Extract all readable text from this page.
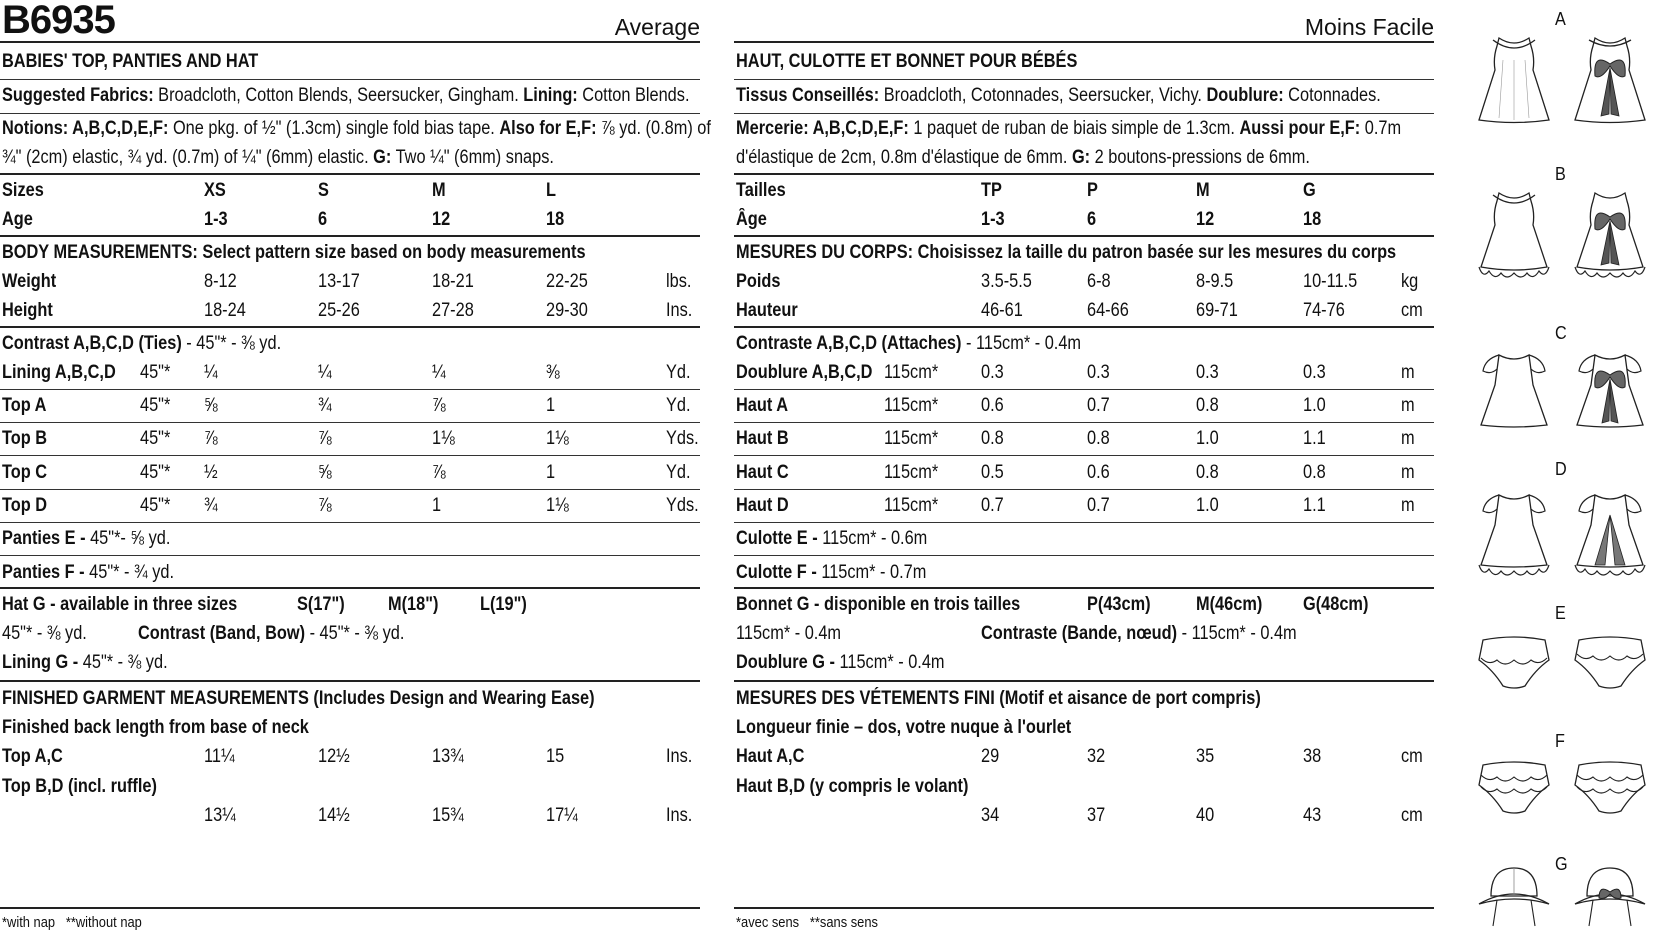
B6935	Average
BABIES' TOP, PANTIES AND HAT
Suggested Fabrics: Broadcloth, Cotton Blends, Seersucker, Gingham. Lining: Cotton Blends.
Notions: A,B,C,D,E,F: One pkg. of ½" (1.3cm) single fold bias tape. Also for E,F: ⅞ yd. (0.8m) of
¾" (2cm) elastic, ¾ yd. (0.7m) of ¼" (6mm) elastic. G: Two ¼" (6mm) snaps.
Sizes	XS	S	M	L
Age	1-3	6	12	18
BODY MEASUREMENTS: Select pattern size based on body measurements
Weight	8-12	13-17	18-21	22-25	lbs.
Height	18-24	25-26	27-28	29-30	Ins.
Contrast A,B,C,D (Ties) - 45"* - ⅜ yd.
Lining A,B,C,D 45"* ¼	¼	¼	⅜	Yd.
Top A	45"* ⅝	¾	⅞	1	Yd.
Top B	45"* ⅞	⅞	1⅛	1⅛	Yds.
Top C	45"* ½	⅝	⅞	1	Yd.
Top D	45"* ¾	⅞	1	1⅛	Yds.
Panties E - 45"*- ⅝ yd.
Panties F - 45"* - ¾ yd.
Hat G - available in three sizes	S(17") M(18") L(19")
45"* - ⅜ yd.	Contrast (Band, Bow) - 45"* - ⅜ yd.
Lining G - 45"* - ⅜ yd.
FINISHED GARMENT MEASUREMENTS (Includes Design and Wearing Ease)
Finished back length from base of neck
Top A,C	11¼	12½	13¾	15	Ins.
Top B,D (incl. ruffle)
13¼	14½	15¾	17¼	Ins.
*with nap   **without nap
Moins Facile
HAUT, CULOTTE ET BONNET POUR BÉBÉS
Tissus Conseillés: Broadcloth, Cotonnades, Seersucker, Vichy. Doublure: Cotonnades.
Mercerie: A,B,C,D,E,F: 1 paquet de ruban de biais simple de 1.3cm. Aussi pour E,F: 0.7m
d'élastique de 2cm, 0.8m d'élastique de 6mm. G: 2 boutons-pressions de 6mm.
Tailles	TP	P	M	G
Âge	1-3	6	12	18
MESURES DU CORPS: Choisissez la taille du patron basée sur les mesures du corps
Poids	3.5-5.5	6-8	8-9.5	10-11.5 kg
Hauteur	46-61	64-66	69-71	74-76	cm
Contraste A,B,C,D (Attaches) - 115cm* - 0.4m
Doublure A,B,C,D 115cm* 0.3	0.3	0.3	0.3	m
Haut A	115cm* 0.6	0.7	0.8	1.0	m
Haut B	115cm* 0.8	0.8	1.0	1.1	m
Haut C	115cm* 0.5	0.6	0.8	0.8	m
Haut D	115cm* 0.7	0.7	1.0	1.1	m
Culotte E - 115cm* - 0.6m
Culotte F - 115cm* - 0.7m
Bonnet G - disponible en trois tailles	P(43cm) M(46cm) G(48cm)
115cm* - 0.4m	Contraste (Bande, nœud) - 115cm* - 0.4m
Doublure G - 115cm* - 0.4m
MESURES DES VÉTEMENTS FINI (Motif et aisance de port compris)
Longueur finie – dos, votre nuque à l'ourlet
Haut A,C	29	32	35	38	cm
Haut B,D (y compris le volant)
34	37	40	43	cm
*avec sens   **sans sens
A
B
C
D
E
F
G
